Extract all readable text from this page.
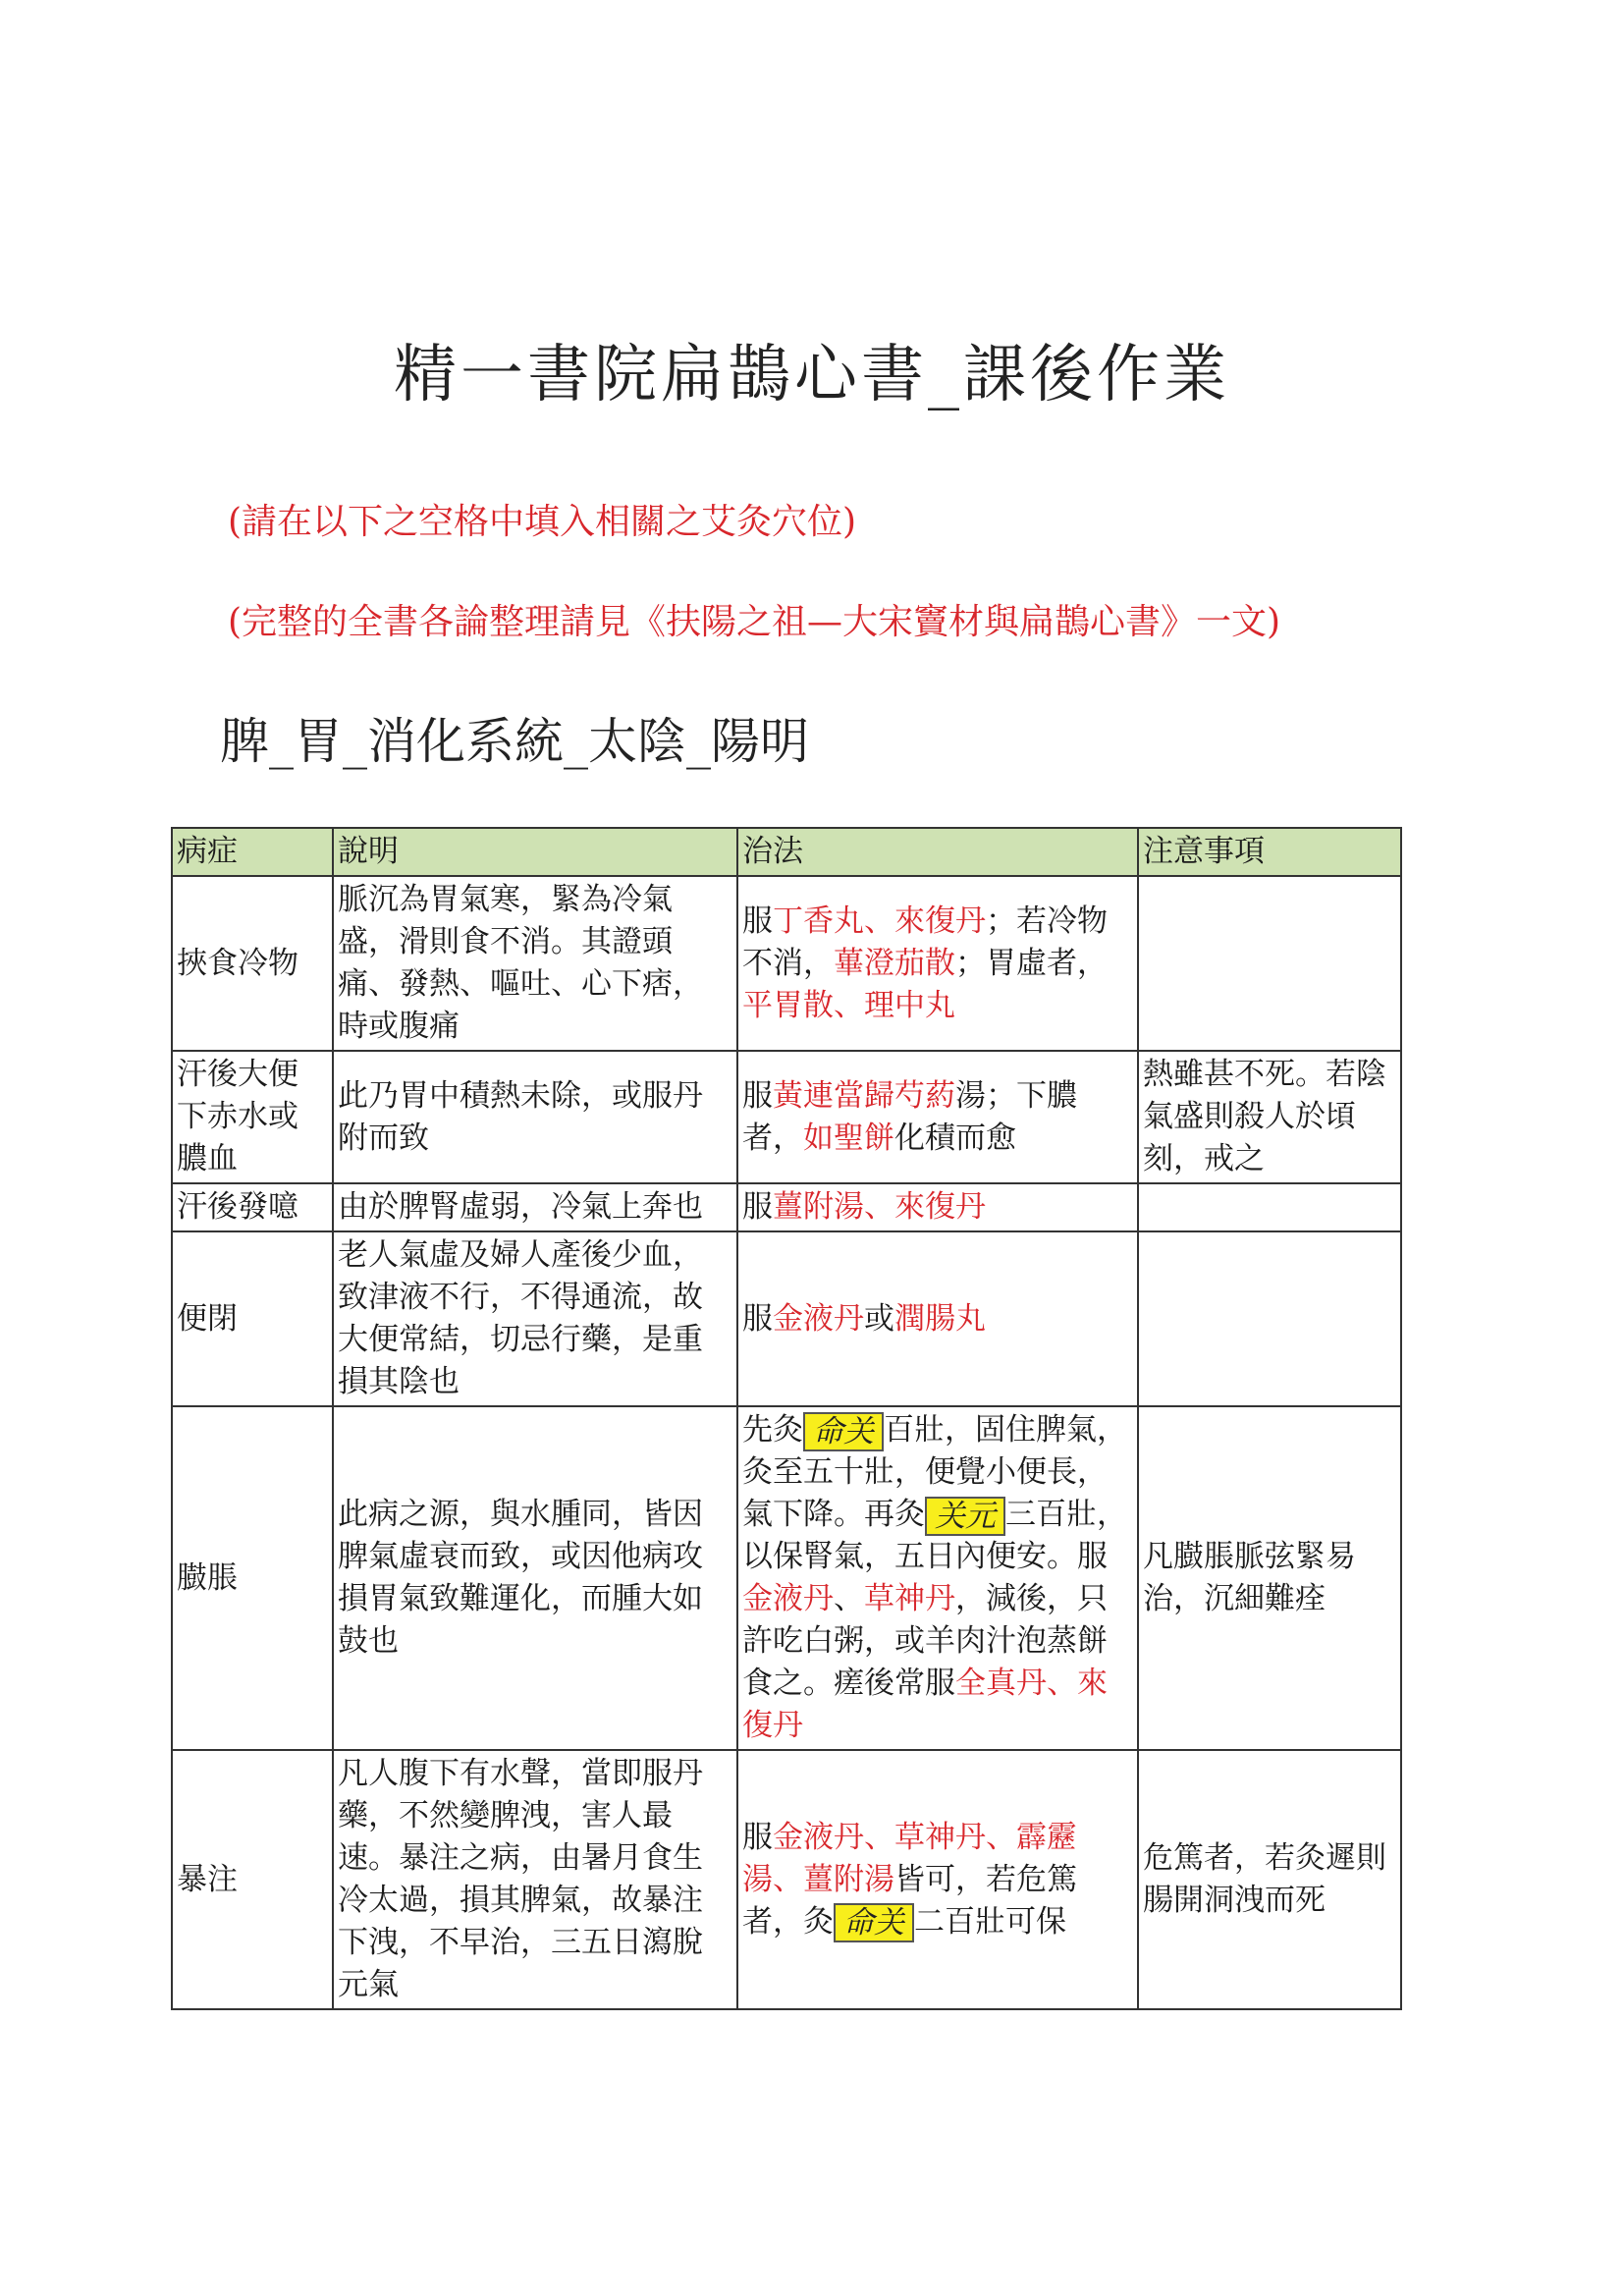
精一書院扁鵲心書_課後作業
(請在以下之空格中填入相關之艾灸穴位)
(完整的全書各論整理請見《扶陽之祖—大宋竇材與扁鵲心書》一文)
脾_胃_消化系統_太陰_陽明
病症	說明	治法	注意事項
挾食冷物	脈沉為胃氣寒，緊為冷氣盛，滑則食不消。其證頭痛、發熱、嘔吐、心下痞，時或腹痛	服丁香丸、來復丹；若冷物不消，蓽澄茄散；胃虛者，平胃散、理中丸	
汗後大便下赤水或膿血	此乃胃中積熱未除，或服丹附而致	服黃連當歸芍葯湯；下膿者，如聖餅化積而愈	熱雖甚不死。若陰氣盛則殺人於頃刻，戒之
汗後發噫	由於脾腎虛弱，冷氣上奔也	服薑附湯、來復丹	
便閉	老人氣虛及婦人產後少血，致津液不行，不得通流，故大便常結，切忌行藥，是重損其陰也	服金液丹或潤腸丸	
臌脹	此病之源，與水腫同，皆因脾氣虛衰而致，或因他病攻損胃氣致難運化，而腫大如鼓也	先灸 命关 百壯，固住脾氣，灸至五十壯，便覺小便長，氣下降。再灸 关元 三百壯，以保腎氣，五日內便安。服金液丹、草神丹，減後，只許吃白粥，或羊肉汁泡蒸餅食之。瘥後常服全真丹、來復丹	凡臌脹脈弦緊易治，沉細難痊
暴注	凡人腹下有水聲，當即服丹藥，不然變脾洩，害人最速。暴注之病，由暑月食生冷太過，損其脾氣，故暴注下洩，不早治，三五日瀉脫元氣	服金液丹、草神丹、霹靂湯、薑附湯皆可，若危篤者，灸 命关 二百壯可保	危篤者，若灸遲則腸開洞洩而死
